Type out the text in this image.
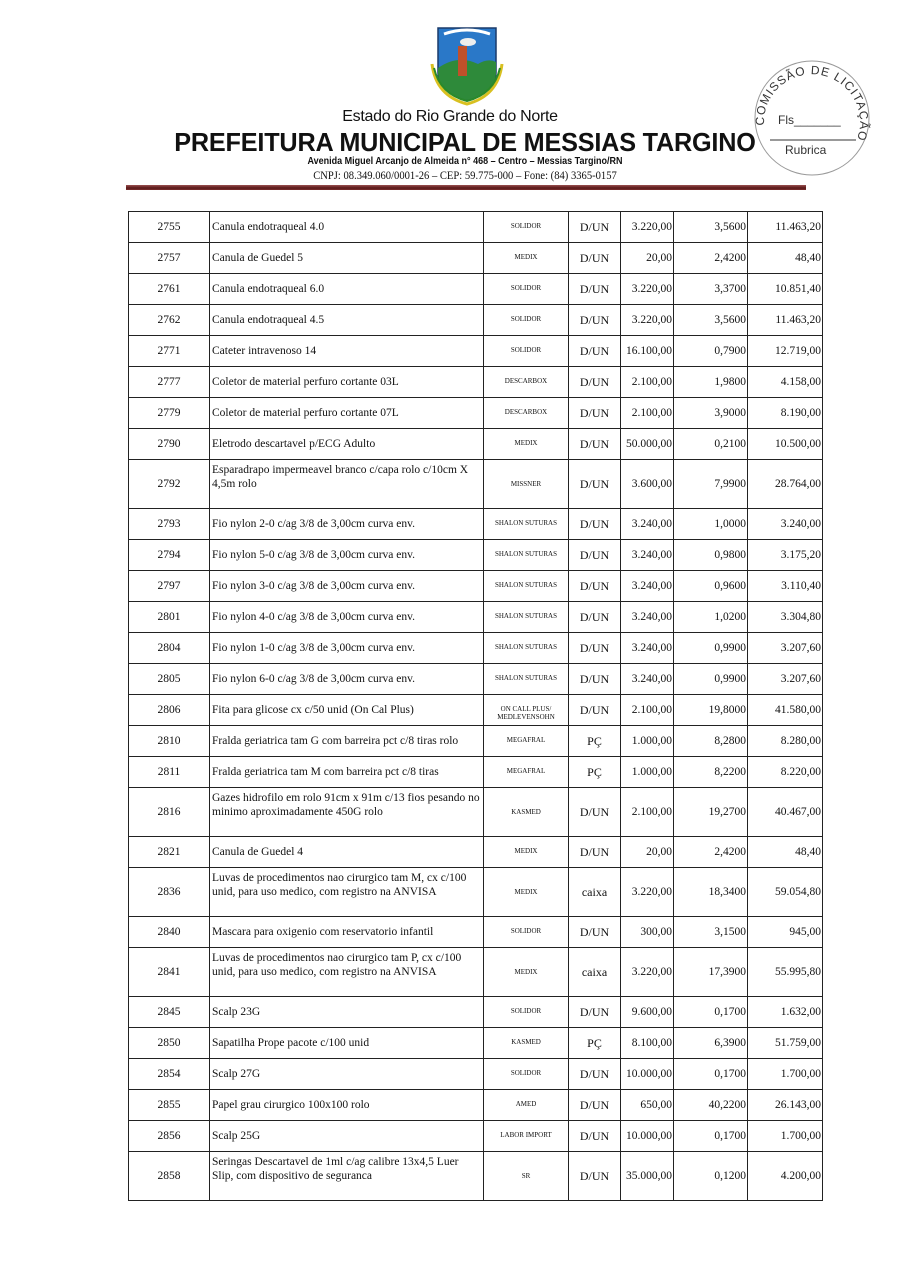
COMISSÃO DE LICITAÇÃO
Fls_______
Rubrica
Estado do Rio Grande do Norte
PREFEITURA MUNICIPAL DE MESSIAS TARGINO
Avenida Miguel Arcanjo de Almeida n° 468 – Centro – Messias Targino/RN
CNPJ: 08.349.060/0001-26 – CEP: 59.775-000 – Fone: (84) 3365-0157
2755	Canula endotraqueal 4.0	SOLIDOR	D/UN	3.220,00	3,5600	11.463,20
2757	Canula de Guedel 5	MEDIX	D/UN	20,00	2,4200	48,40
2761	Canula endotraqueal 6.0	SOLIDOR	D/UN	3.220,00	3,3700	10.851,40
2762	Canula endotraqueal 4.5	SOLIDOR	D/UN	3.220,00	3,5600	11.463,20
2771	Cateter intravenoso 14	SOLIDOR	D/UN	16.100,00	0,7900	12.719,00
2777	Coletor de material perfuro cortante 03L	DESCARBOX	D/UN	2.100,00	1,9800	4.158,00
2779	Coletor de material perfuro cortante 07L	DESCARBOX	D/UN	2.100,00	3,9000	8.190,00
2790	Eletrodo descartavel p/ECG Adulto	MEDIX	D/UN	50.000,00	0,2100	10.500,00
2792	Esparadrapo impermeavel branco c/capa rolo c/10cm X 4,5m rolo	MISSNER	D/UN	3.600,00	7,9900	28.764,00
2793	Fio nylon 2-0 c/ag 3/8 de 3,00cm curva env.	SHALON SUTURAS	D/UN	3.240,00	1,0000	3.240,00
2794	Fio nylon 5-0 c/ag 3/8 de 3,00cm curva env.	SHALON SUTURAS	D/UN	3.240,00	0,9800	3.175,20
2797	Fio nylon 3-0 c/ag 3/8 de 3,00cm curva env.	SHALON SUTURAS	D/UN	3.240,00	0,9600	3.110,40
2801	Fio nylon 4-0 c/ag 3/8 de 3,00cm curva env.	SHALON SUTURAS	D/UN	3.240,00	1,0200	3.304,80
2804	Fio nylon 1-0 c/ag 3/8 de 3,00cm curva env.	SHALON SUTURAS	D/UN	3.240,00	0,9900	3.207,60
2805	Fio nylon 6-0 c/ag 3/8 de 3,00cm curva env.	SHALON SUTURAS	D/UN	3.240,00	0,9900	3.207,60
2806	Fita para glicose cx c/50 unid (On Cal Plus)	ON CALL PLUS/ MEDLEVENSOHN	D/UN	2.100,00	19,8000	41.580,00
2810	Fralda geriatrica tam G com barreira pct c/8 tiras rolo	MEGAFRAL	PÇ	1.000,00	8,2800	8.280,00
2811	Fralda geriatrica tam M com barreira pct c/8 tiras	MEGAFRAL	PÇ	1.000,00	8,2200	8.220,00
2816	Gazes hidrofilo em rolo 91cm x 91m c/13 fios pesando no minimo aproximadamente 450G rolo	KASMED	D/UN	2.100,00	19,2700	40.467,00
2821	Canula de Guedel 4	MEDIX	D/UN	20,00	2,4200	48,40
2836	Luvas de procedimentos nao cirurgico tam M, cx c/100 unid, para uso medico, com registro na ANVISA	MEDIX	caixa	3.220,00	18,3400	59.054,80
2840	Mascara para oxigenio com reservatorio infantil	SOLIDOR	D/UN	300,00	3,1500	945,00
2841	Luvas de procedimentos nao cirurgico tam P, cx c/100 unid, para uso medico, com registro na ANVISA	MEDIX	caixa	3.220,00	17,3900	55.995,80
2845	Scalp 23G	SOLIDOR	D/UN	9.600,00	0,1700	1.632,00
2850	Sapatilha Prope pacote c/100 unid	KASMED	PÇ	8.100,00	6,3900	51.759,00
2854	Scalp 27G	SOLIDOR	D/UN	10.000,00	0,1700	1.700,00
2855	Papel grau cirurgico 100x100 rolo	AMED	D/UN	650,00	40,2200	26.143,00
2856	Scalp 25G	LABOR IMPORT	D/UN	10.000,00	0,1700	1.700,00
2858	Seringas Descartavel de 1ml c/ag calibre 13x4,5 Luer Slip, com dispositivo de seguranca	SR	D/UN	35.000,00	0,1200	4.200,00
